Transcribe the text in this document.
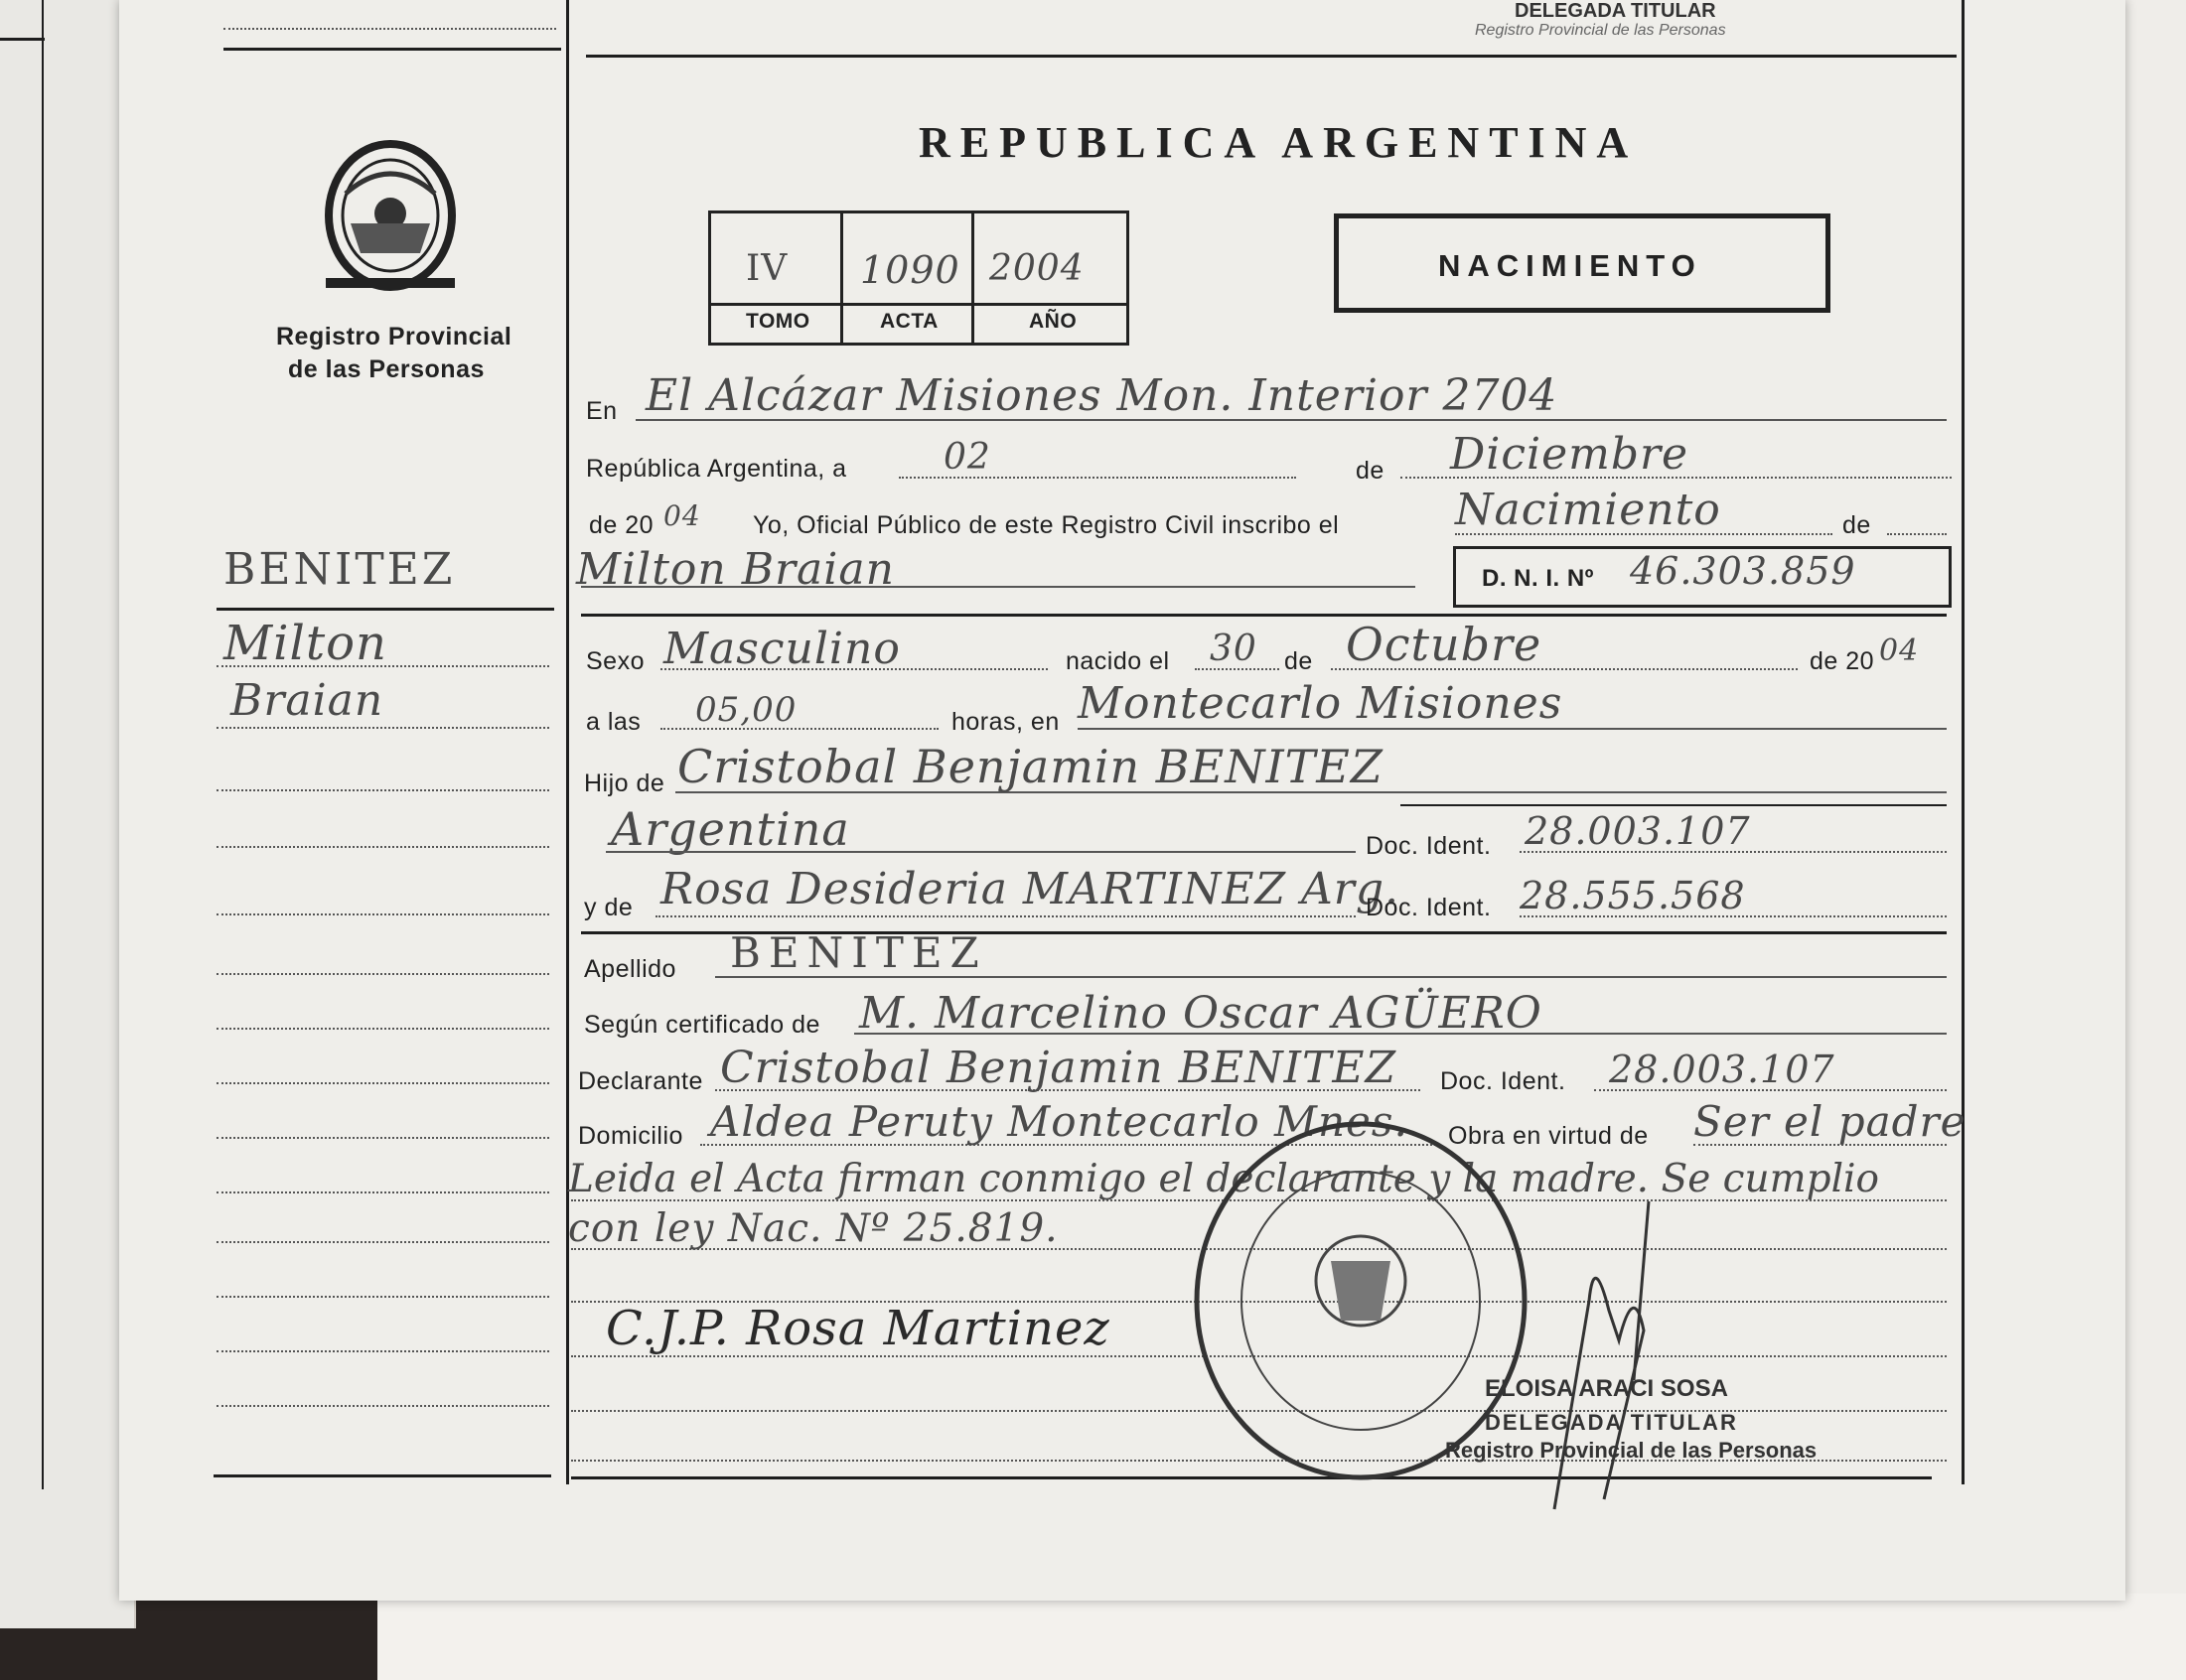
DELEGADA TITULAR
Registro Provincial de las Personas
Registro Provincial
de las Personas
REPUBLICA ARGENTINA
IV 1090 2004
TOMO	ACTA	AÑO
NACIMIENTO
BENITEZ
Milton
Braian
En El Alcázar Misiones Mon. Interior 2704
República Argentina, a	02	de Diciembre
de 20 04 Yo, Oficial Público de este Registro Civil inscribo el	Nacimiento	de
Milton Braian	D. N. I. Nº 46.303.859
Sexo Masculino	nacido el 30 de Octubre	de 20 04
a las 05,00	horas, en Montecarlo Misiones
Hijo de Cristobal Benjamin BENITEZ
Argentina	Doc. Ident. 28.003.107
y de Rosa Desideria MARTINEZ Arg.
Doc. Ident. 28.555.568
Apellido BENITEZ
Según certificado de M. Marcelino Oscar AGÜERO
Declarante Cristobal Benjamin BENITEZ Doc. Ident. 28.003.107
Domicilio Aldea Peruty Montecarlo Mnes. Obra en virtud de Ser el padre
Leida el Acta firman conmigo el declarante y la madre. Se cumplio
con ley Nac. Nº 25.819.
C.J.P. Rosa Martinez
ELOISA ARACI SOSA
DELEGADA TITULAR
Registro Provincial de las Personas
